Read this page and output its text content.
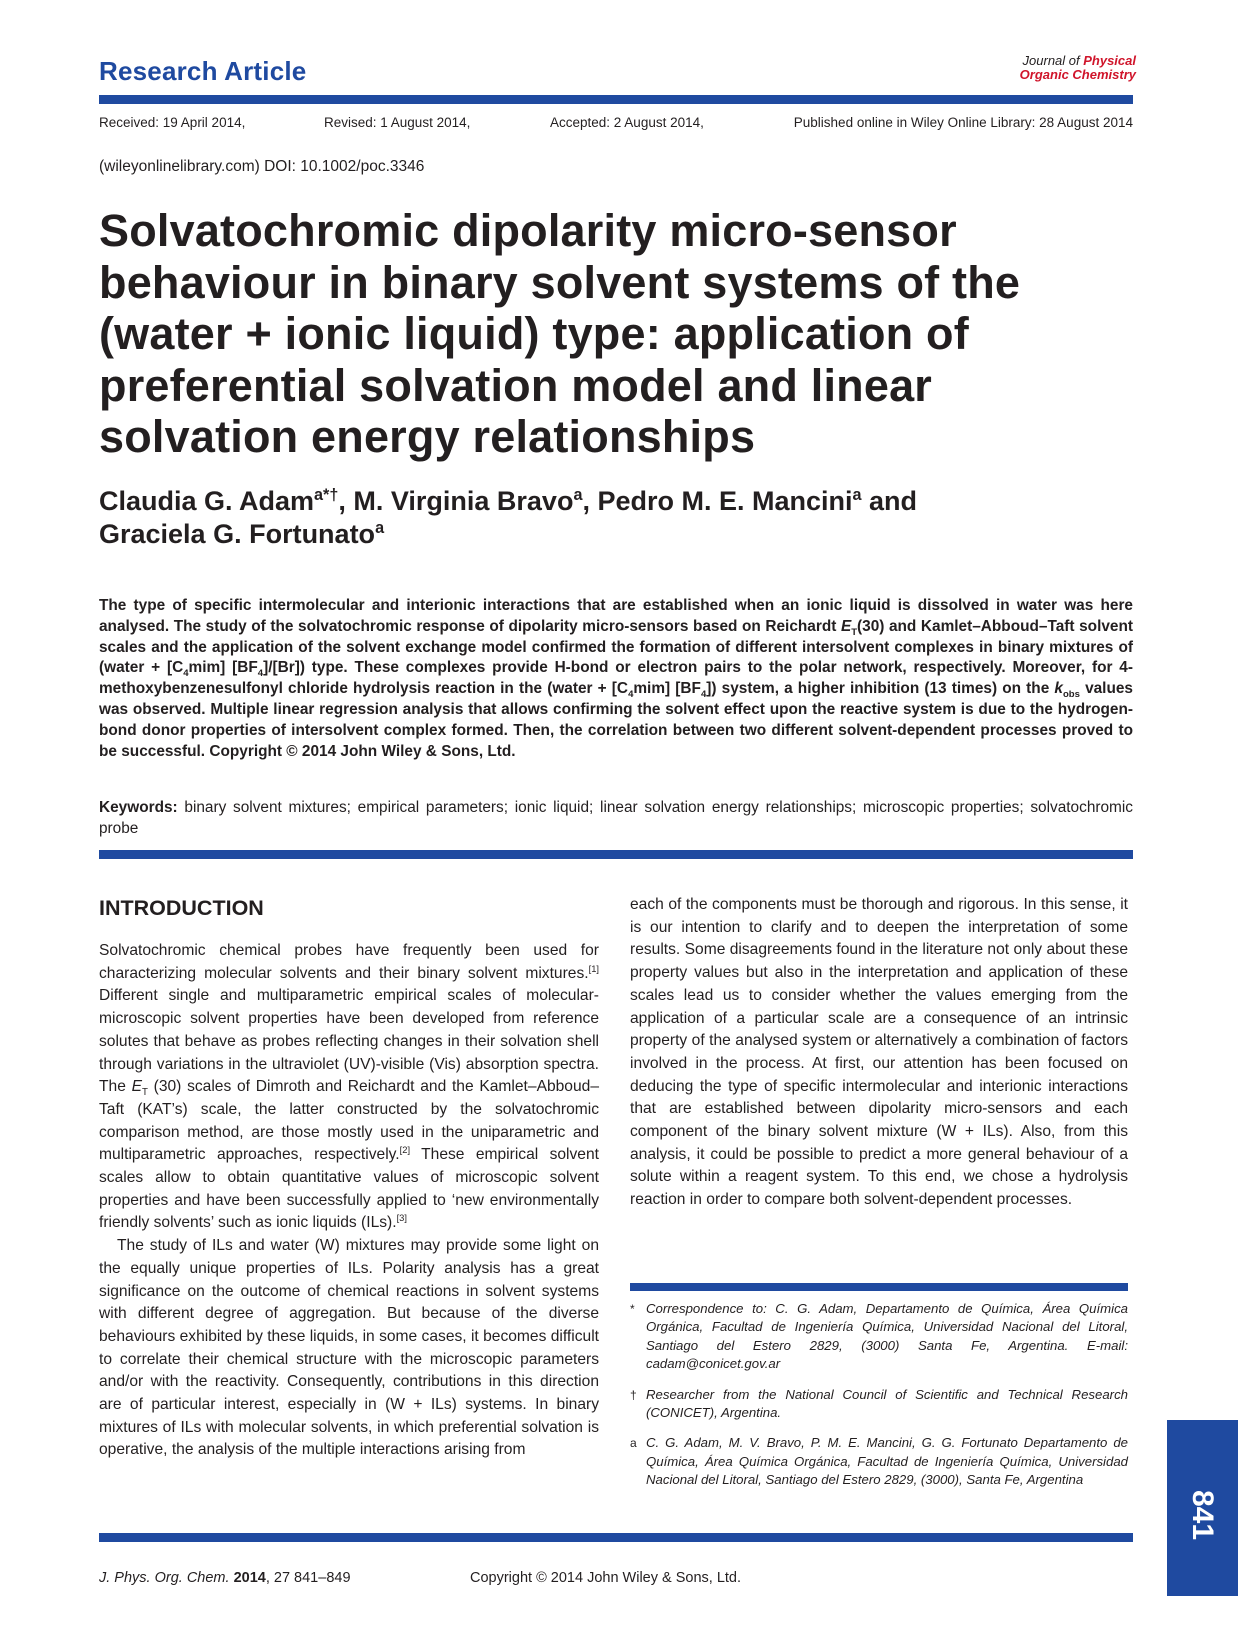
Research Article	Journal of Physical
Organic Chemistry
Received: 19 April 2014,	Revised: 1 August 2014,	Accepted: 2 August 2014,	Published online in Wiley Online Library: 28 August 2014
(wileyonlinelibrary.com) DOI: 10.1002/poc.3346
Solvatochromic dipolarity micro-sensor behaviour in binary solvent systems of the (water + ionic liquid) type: application of preferential solvation model and linear solvation energy relationships
Claudia G. Adam$^{a*\dagger}$, M. Virginia Bravo$^a$, Pedro M. E. Mancini$^a$ and
Graciela G. Fortunato$^a$
The type of specific intermolecular and interionic interactions that are established when an ionic liquid is dissolved in water was here analysed. The study of the solvatochromic response of dipolarity micro-sensors based on Reichardt $E_T(30)$ and Kamlet–Abboud–Taft solvent scales and the application of the solvent exchange model confirmed the formation of different intersolvent complexes in binary mixtures of (water + $[C_4mim]$ $[BF_4]/[Br]$) type. These complexes provide H-bond or electron pairs to the polar network, respectively. Moreover, for 4-methoxybenzenesulfonyl chloride hydrolysis reaction in the (water + $[C_4mim]$ $[BF_4]$) system, a higher inhibition (13 times) on the $k_{obs}$ values was observed. Multiple linear regression analysis that allows confirming the solvent effect upon the reactive system is due to the hydrogen-bond donor properties of intersolvent complex formed. Then, the correlation between two different solvent-dependent processes proved to be successful. Copyright © 2014 John Wiley & Sons, Ltd.
Keywords: binary solvent mixtures; empirical parameters; ionic liquid; linear solvation energy relationships; microscopic properties; solvatochromic probe
INTRODUCTION

Solvatochromic chemical probes have frequently been used for characterizing molecular solvents and their binary solvent mixtures.[1] Different single and multiparametric empirical scales of molecular-microscopic solvent properties have been developed from reference solutes that behave as probes reflecting changes in their solvation shell through variations in the ultraviolet (UV)-visible (Vis) absorption spectra. The $E_T$ (30) scales of Dimroth and Reichardt and the Kamlet–Abboud–Taft (KAT’s) scale, the latter constructed by the solvatochromic comparison method, are those mostly used in the uniparametric and multiparametric approaches, respectively.[2] These empirical solvent scales allow to obtain quantitative values of microscopic solvent properties and have been successfully applied to ‘new environmentally friendly solvents’ such as ionic liquids (ILs).[3]

The study of ILs and water (W) mixtures may provide some light on the equally unique properties of ILs. Polarity analysis has a great significance on the outcome of chemical reactions in solvent systems with different degree of aggregation. But because of the diverse behaviours exhibited by these liquids, in some cases, it becomes difficult to correlate their chemical structure with the microscopic parameters and/or with the reactivity. Consequently, contributions in this direction are of particular interest, especially in (W + ILs) systems. In binary mixtures of ILs with molecular solvents, in which preferential solvation is operative, the analysis of the multiple interactions arising from

each of the components must be thorough and rigorous. In this sense, it is our intention to clarify and to deepen the interpretation of some results. Some disagreements found in the literature not only about these property values but also in the interpretation and application of these scales lead us to consider whether the values emerging from the application of a particular scale are a consequence of an intrinsic property of the analysed system or alternatively a combination of factors involved in the process. At first, our attention has been focused on deducing the type of specific intermolecular and interionic interactions that are established between dipolarity micro-sensors and each component of the binary solvent mixture (W + ILs). Also, from this analysis, it could be possible to predict a more general behaviour of a solute within a reagent system. To this end, we chose a hydrolysis reaction in order to compare both solvent-dependent processes.

* Correspondence to: C. G. Adam, Departamento de Química, Área Química Orgánica, Facultad de Ingeniería Química, Universidad Nacional del Litoral, Santiago del Estero 2829, (3000) Santa Fe, Argentina. E-mail: cadam@conicet.gov.ar
† Researcher from the National Council of Scientific and Technical Research (CONICET), Argentina.
a C. G. Adam, M. V. Bravo, P. M. E. Mancini, G. G. Fortunato Departamento de Química, Área Química Orgánica, Facultad de Ingeniería Química, Universidad Nacional del Litoral, Santiago del Estero 2829, (3000), Santa Fe, Argentina
841
J. Phys. Org. Chem. 2014, 27 841–849	Copyright © 2014 John Wiley & Sons, Ltd.
